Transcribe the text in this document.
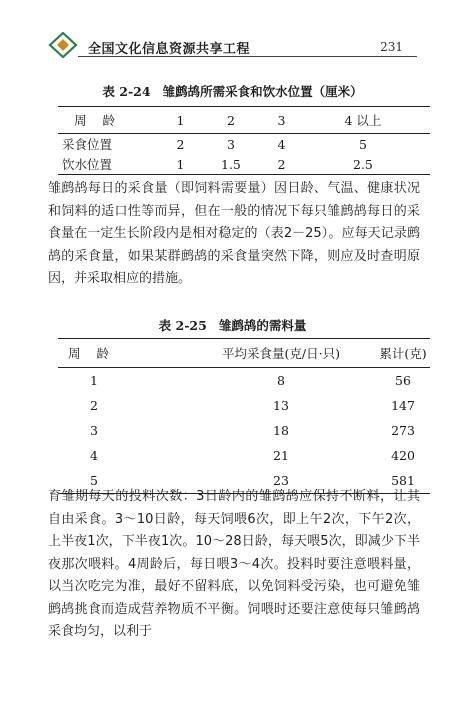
全国文化信息资源共享工程	231
表 2-24 雏鹧鸪所需采食和饮水位置（厘米）
周龄	1	2	3	4 以上
采食位置	2	3	4	5
饮水位置	1	1.5	2	2.5

雏鹧鸪每日的采食量（即饲料需要量）因日龄、气温、健康状况和饲料的适口性等而异，但在一般的情况下每只雏鹧鸪每日的采食量在一定生长阶段内是相对稳定的（表2－25）。应每天记录鹧鸪的采食量，如果某群鹧鸪的采食量突然下降，则应及时查明原因，并采取相应的措施。

表 2-25 雏鹧鸪的需料量
周龄	平均采食量(克/日·只)	累计(克)
1	8	56
2	13	147
3	18	273
4	21	420
5	23	581

育雏期每天的投料次数：3日龄内的雏鹧鸪应保持不断料，让其自由采食。3～10日龄，每天饲喂6次，即上午2次，下午2次，上半夜1次，下半夜1次。10～28日龄，每天喂5次，即减少下半夜那次喂料。4周龄后，每日喂3～4次。投料时要注意喂料量，以当次吃完为准，最好不留料底，以免饲料受污染，也可避免雏鹧鸪挑食而造成营养物质不平衡。饲喂时还要注意使每只雏鹧鸪采食均匀，以利于
